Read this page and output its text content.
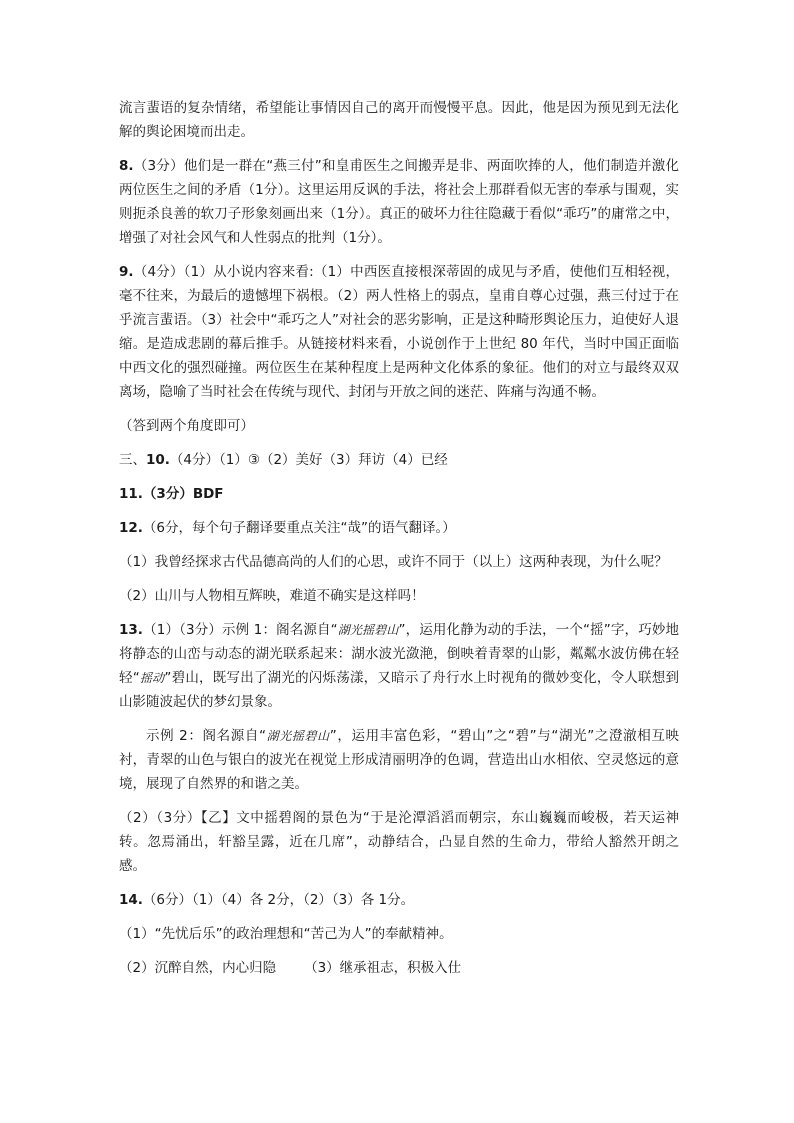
流言蜚语的复杂情绪，希望能让事情因自己的离开而慢慢平息。因此，他是因为预见到无法化解的舆论困境而出走。

8.（3分）他们是一群在“燕三付”和皇甫医生之间搬弄是非、两面吹捧的人，他们制造并激化两位医生之间的矛盾（1分）。这里运用反讽的手法，将社会上那群看似无害的奉承与围观，实则扼杀良善的软刀子形象刻画出来（1分）。真正的破坏力往往隐藏于看似“乖巧”的庸常之中，增强了对社会风气和人性弱点的批判（1分）。

9.（4分）（1）从小说内容来看:（1）中西医直接根深蒂固的成见与矛盾，使他们互相轻视，毫不往来，为最后的遗憾埋下祸根。（2）两人性格上的弱点，皇甫自尊心过强，燕三付过于在乎流言蜚语。（3）社会中“乖巧之人”对社会的恶劣影响，正是这种畸形舆论压力，迫使好人退缩。是造成悲剧的幕后推手。从链接材料来看，小说创作于上世纪 80 年代，当时中国正面临中西文化的强烈碰撞。两位医生在某种程度上是两种文化体系的象征。他们的对立与最终双双离场，隐喻了当时社会在传统与现代、封闭与开放之间的迷茫、阵痛与沟通不畅。

（答到两个角度即可）

三、10.（4分）（1）③（2）美好（3）拜访（4）已经

11.（3分）BDF

12.（6分，每个句子翻译要重点关注“哉”的语气翻译。）

（1）我曾经探求古代品德高尚的人们的心思，或许不同于（以上）这两种表现，为什么呢？

（2）山川与人物相互辉映，难道不确实是这样吗！

13.（1）（3分）示例 1：阁名源自“湖光摇碧山”，运用化静为动的手法，一个“摇”字，巧妙地将静态的山峦与动态的湖光联系起来：湖水波光潋滟，倒映着青翠的山影，粼粼水波仿佛在轻轻“摇动”碧山，既写出了湖光的闪烁荡漾，又暗示了舟行水上时视角的微妙变化，令人联想到山影随波起伏的梦幻景象。

示例 2：阁名源自“湖光摇碧山”，运用丰富色彩，“碧山”之“碧”与“湖光”之澄澈相互映衬，青翠的山色与银白的波光在视觉上形成清丽明净的色调，营造出山水相依、空灵悠远的意境，展现了自然界的和谐之美。

（2）（3分）【乙】文中摇碧阁的景色为“于是沦潭滔滔而朝宗，东山巍巍而峻极，若天运神转。忽焉涌出，轩豁呈露，近在几席”，动静结合，凸显自然的生命力，带给人豁然开朗之感。

14.（6分）（1）（4）各 2分，（2）（3）各 1分。

（1）“先忧后乐”的政治理想和“苦己为人”的奉献精神。

（2）沉醉自然，内心归隐 （3）继承祖志，积极入仕
